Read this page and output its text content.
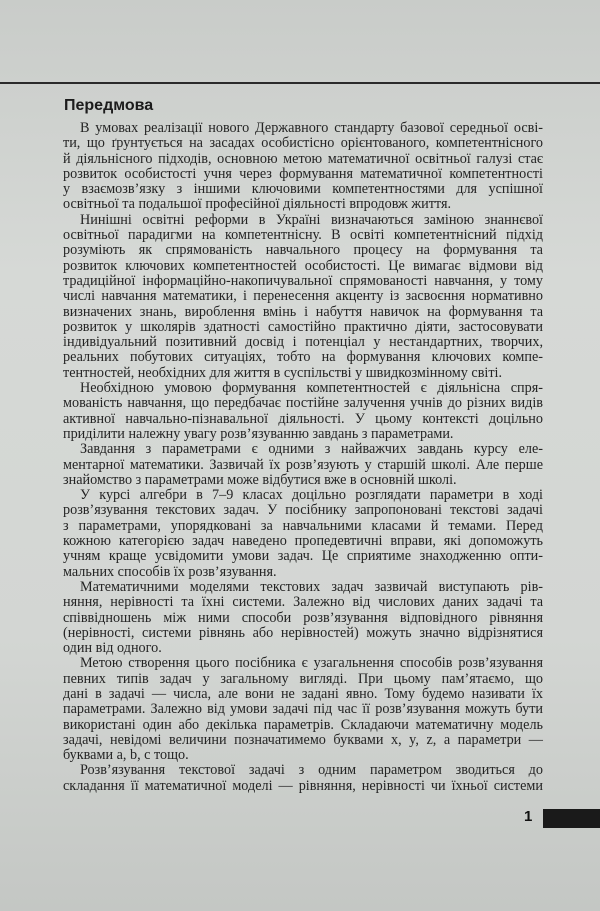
Передмова
В умовах реалізації нового Державного стандарту базової середньої осві-
ти, що ґрунтується на засадах особистісно орієнтованого, компетентнісного
й діяльнісного підходів, основною метою математичної освітньої галузі стає
розвиток особистості учня через формування математичної компетентності
у взаємозв’язку з іншими ключовими компетентностями для успішної
освітньої та подальшої професійної діяльності впродовж життя.
Нинішні освітні реформи в Україні визначаються заміною знаннєвої
освітньої парадигми на компетентнісну. В освіті компетентнісний підхід
розуміють як спрямованість навчального процесу на формування та
розвиток ключових компетентностей особистості. Це вимагає відмови від
традиційної інформаційно-накопичувальної спрямованості навчання, у тому
числі навчання математики, і перенесення акценту із засвоєння нормативно
визначених знань, вироблення вмінь і набуття навичок на формування та
розвиток у школярів здатності самостійно практично діяти, застосовувати
індивідуальний позитивний досвід і потенціал у нестандартних, творчих,
реальних побутових ситуаціях, тобто на формування ключових компе-
тентностей, необхідних для життя в суспільстві у швидкозмінному світі.
Необхідною умовою формування компетентностей є діяльнісна спря-
мованість навчання, що передбачає постійне залучення учнів до різних видів
активної навчально-пізнавальної діяльності. У цьому контексті доцільно
приділити належну увагу розв’язуванню завдань з параметрами.
Завдання з параметрами є одними з найважчих завдань курсу еле-
ментарної математики. Зазвичай їх розв’язують у старшій школі. Але перше
знайомство з параметрами може відбутися вже в основній школі.
У курсі алгебри в 7–9 класах доцільно розглядати параметри в ході
розв’язування текстових задач. У посібнику запропоновані текстові задачі
з параметрами, упорядковані за навчальними класами й темами. Перед
кожною категорією задач наведено пропедевтичні вправи, які допоможуть
учням краще усвідомити умови задач. Це сприятиме знаходженню опти-
мальних способів їх розв’язування.
Математичними моделями текстових задач зазвичай виступають рів-
няння, нерівності та їхні системи. Залежно від числових даних задачі та
співвідношень між ними способи розв’язування відповідного рівняння
(нерівності, системи рівнянь або нерівностей) можуть значно відрізнятися
один від одного.
Метою створення цього посібника є узагальнення способів розв’язування
певних типів задач у загальному вигляді. При цьому пам’ятаємо, що
дані в задачі — числа, але вони не задані явно. Тому будемо називати їх
параметрами. Залежно від умови задачі під час її розв’язування можуть бути
використані один або декілька параметрів. Складаючи математичну модель
задачі, невідомі величини позначатимемо буквами x, y, z, а параметри —
буквами a, b, c тощо.
Розв’язування текстової задачі з одним параметром зводиться до
складання її математичної моделі — рівняння, нерівності чи їхньої системи
1
